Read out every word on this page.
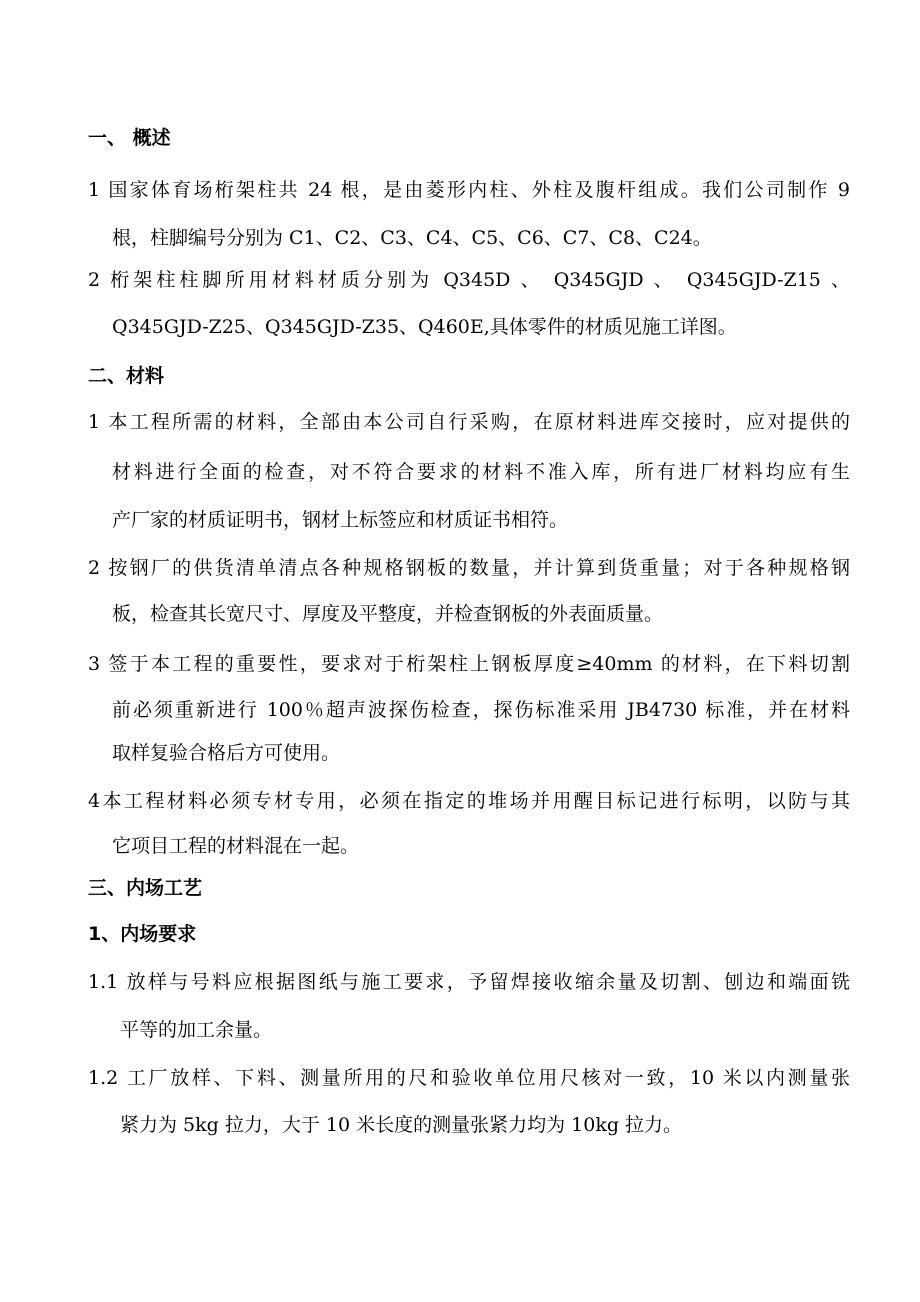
一、 概述
1 国家体育场桁架柱共 24 根，是由菱形内柱、外柱及腹杆组成。我们公司制作 9
根，柱脚编号分别为 C1、C2、C3、C4、C5、C6、C7、C8、C24。
2 桁架柱柱脚所用材料材质分别为 Q345D 、 Q345GJD 、 Q345GJD-Z15 、
Q345GJD-Z25、Q345GJD-Z35、Q460E,具体零件的材质见施工详图。
二、材料
1 本工程所需的材料，全部由本公司自行采购，在原材料进库交接时，应对提供的
材料进行全面的检查，对不符合要求的材料不准入库，所有进厂材料均应有生
产厂家的材质证明书，钢材上标签应和材质证书相符。
2 按钢厂的供货清单清点各种规格钢板的数量，并计算到货重量；对于各种规格钢
板，检查其长宽尺寸、厚度及平整度，并检查钢板的外表面质量。
3 签于本工程的重要性，要求对于桁架柱上钢板厚度≥40mm 的材料，在下料切割
前必须重新进行 100％超声波探伤检查，探伤标准采用 JB4730 标准，并在材料
取样复验合格后方可使用。
4本工程材料必须专材专用，必须在指定的堆场并用醒目标记进行标明，以防与其
它项目工程的材料混在一起。
三、内场工艺
1、内场要求
1.1 放样与号料应根据图纸与施工要求，予留焊接收缩余量及切割、刨边和端面铣
平等的加工余量。
1.2 工厂放样、下料、测量所用的尺和验收单位用尺核对一致，10 米以内测量张
紧力为 5kg 拉力，大于 10 米长度的测量张紧力均为 10kg 拉力。
